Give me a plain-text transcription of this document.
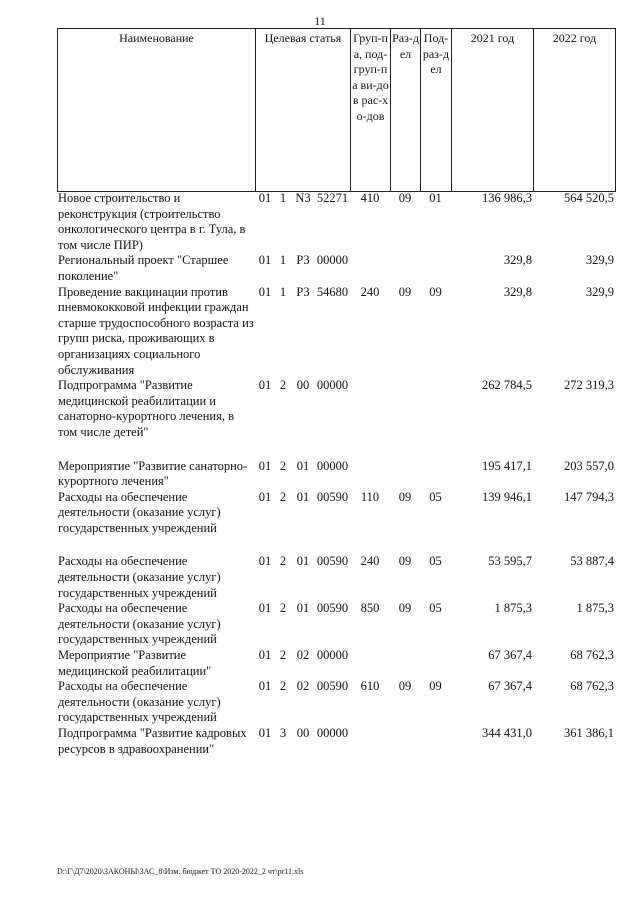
11
Наименование	Целевая статья	Груп-па, под-груп-па ви-дов рас-хо-дов	Раз-дел	Под-раз-дел	2021 год	2022 год
Новое строительство и реконструкция (строительство онкологического центра в г. Тула, в том числе ПИР)	01	1	N3	52271	410	09	01	136 986,3	564 520,5
Региональный проект "Старшее поколение"	01	1	P3	00000				329,8	329,9
Проведение вакцинации против пневмококковой инфекции граждан старше трудоспособного возраста из групп риска, проживающих в организациях социального обслуживания	01	1	P3	54680	240	09	09	329,8	329,9
Подпрограмма "Развитие медицинской реабилитации и санаторно-курортного лечения, в том числе детей"	01	2	00	00000				262 784,5	272 319,3
Мероприятие "Развитие санаторно-курортного лечения"	01	2	01	00000				195 417,1	203 557,0
Расходы на обеспечение деятельности (оказание услуг) государственных учреждений	01	2	01	00590	110	09	05	139 946,1	147 794,3
Расходы на обеспечение деятельности (оказание услуг) государственных учреждений	01	2	01	00590	240	09	05	53 595,7	53 887,4
Расходы на обеспечение деятельности (оказание услуг) государственных учреждений	01	2	01	00590	850	09	05	1 875,3	1 875,3
Мероприятие "Развитие медицинской реабилитации"	01	2	02	00000				67 367,4	68 762,3
Расходы на обеспечение деятельности (оказание услуг) государственных учреждений	01	2	02	00590	610	09	09	67 367,4	68 762,3
Подпрограмма "Развитие кадровых ресурсов в здравоохранении"	01	3	00	00000				344 431,0	361 386,1
D:\Г\Д7\2020\ЗАКОНЫ\ЗАС_8\Изм. бюджет ТО 2020-2022_2 чт\pr11.xls
